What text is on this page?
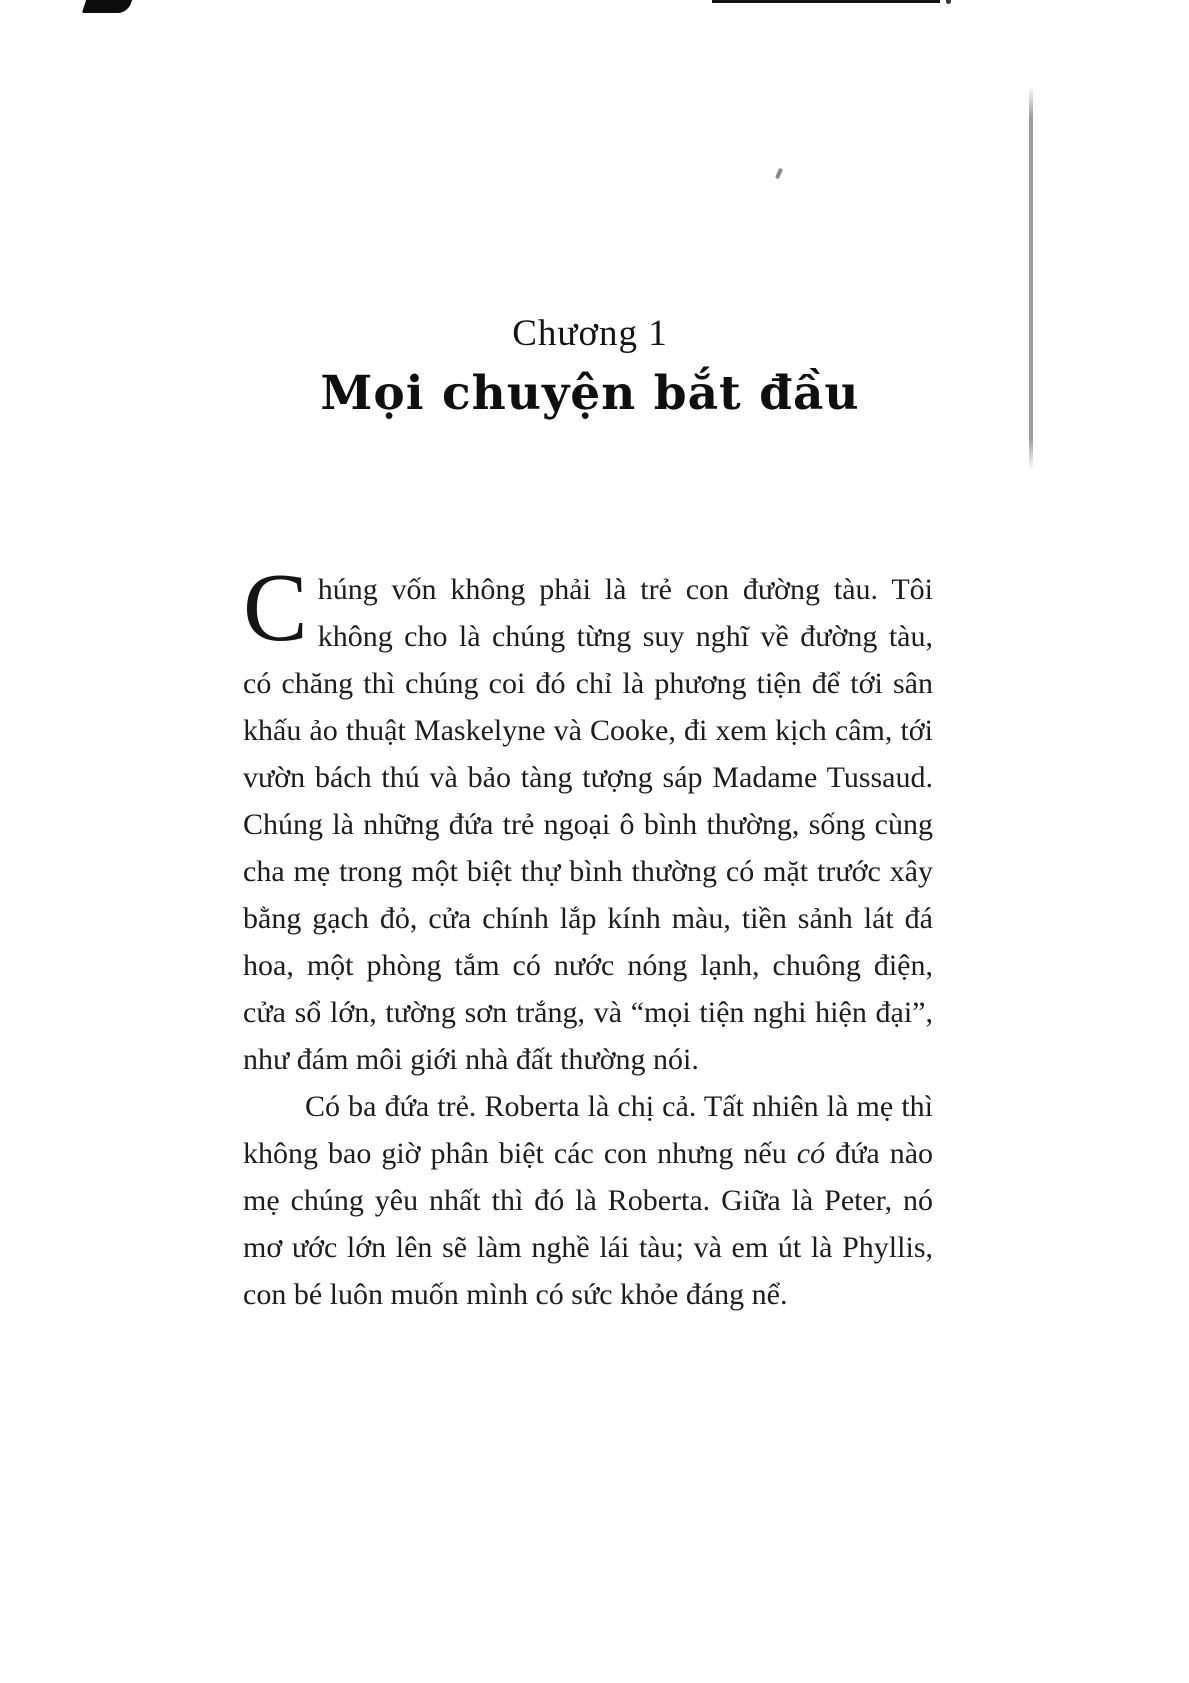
Chương 1
Mọi chuyện bắt đầu

Chúng vốn không phải là trẻ con đường tàu. Tôi không cho là chúng từng suy nghĩ về đường tàu, có chăng thì chúng coi đó chỉ là phương tiện để tới sân khấu ảo thuật Maskelyne và Cooke, đi xem kịch câm, tới vườn bách thú và bảo tàng tượng sáp Madame Tussaud. Chúng là những đứa trẻ ngoại ô bình thường, sống cùng cha mẹ trong một biệt thự bình thường có mặt trước xây bằng gạch đỏ, cửa chính lắp kính màu, tiền sảnh lát đá hoa, một phòng tắm có nước nóng lạnh, chuông điện, cửa sổ lớn, tường sơn trắng, và “mọi tiện nghi hiện đại”, như đám môi giới nhà đất thường nói.

Có ba đứa trẻ. Roberta là chị cả. Tất nhiên là mẹ thì không bao giờ phân biệt các con nhưng nếu có đứa nào mẹ chúng yêu nhất thì đó là Roberta. Giữa là Peter, nó mơ ước lớn lên sẽ làm nghề lái tàu; và em út là Phyllis, con bé luôn muốn mình có sức khỏe đáng nể.
